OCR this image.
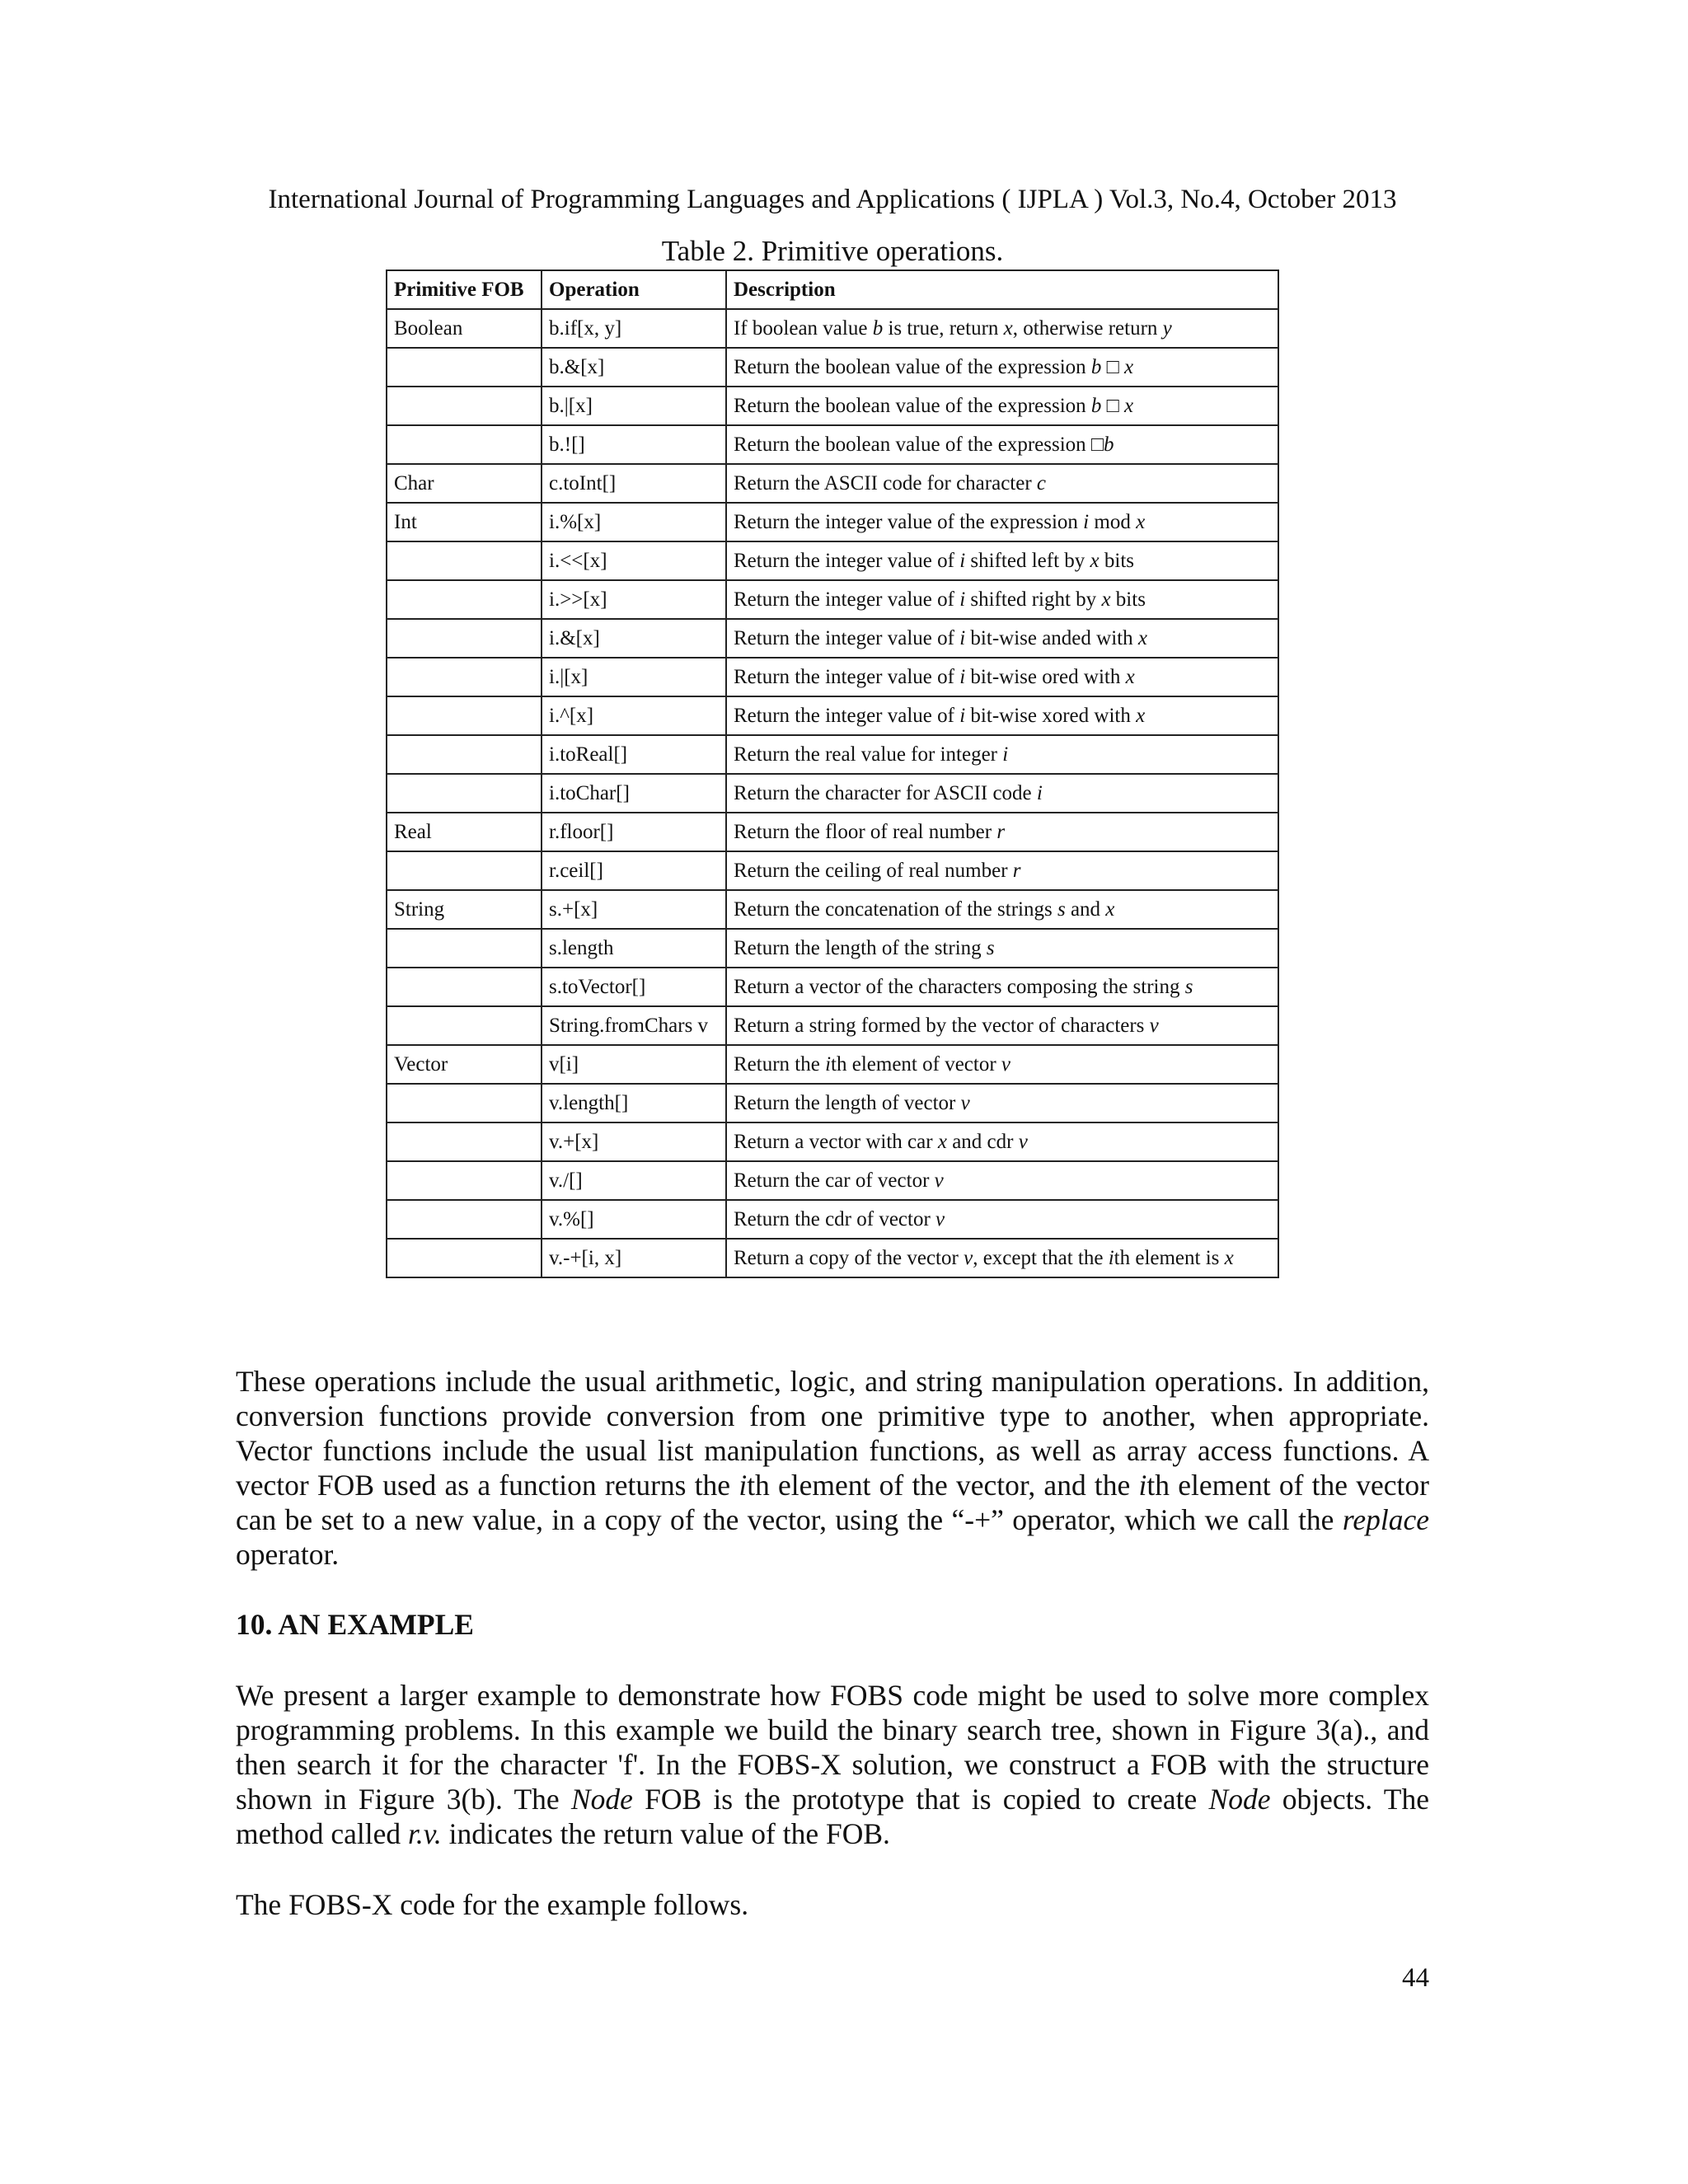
International Journal of Programming Languages and Applications ( IJPLA ) Vol.3, No.4, October 2013
Table 2. Primitive operations.
Primitive FOB	Operation	Description
Boolean	b.if[x, y]	If boolean value b is true, return x, otherwise return y
	b.&[x]	Return the boolean value of the expression b □ x
	b.|[x]	Return the boolean value of the expression b □ x
	b.![]	Return the boolean value of the expression □b
Char	c.toInt[]	Return the ASCII code for character c
Int	i.%[x]	Return the integer value of the expression i mod x
	i.<<[x]	Return the integer value of i shifted left by x bits
	i.>>[x]	Return the integer value of i shifted right by x bits
	i.&[x]	Return the integer value of i bit-wise anded with x
	i.|[x]	Return the integer value of i bit-wise ored with x
	i.^[x]	Return the integer value of i bit-wise xored with x
	i.toReal[]	Return the real value for integer i
	i.toChar[]	Return the character for ASCII code i
Real	r.floor[]	Return the floor of real number r
	r.ceil[]	Return the ceiling of real number r
String	s.+[x]	Return the concatenation of the strings s and x
	s.length	Return the length of the string s
	s.toVector[]	Return a vector of the characters composing the string s
	String.fromChars v	Return a string formed by the vector of characters v
Vector	v[i]	Return the ith element of vector v
	v.length[]	Return the length of vector v
	v.+[x]	Return a vector with car x and cdr v
	v./[]	Return the car of vector v
	v.%[]	Return the cdr of vector v
	v.-+[i, x]	Return a copy of the vector v, except that the ith element is x
These operations include the usual arithmetic, logic, and string manipulation operations. In addition, conversion functions provide conversion from one primitive type to another, when appropriate. Vector functions include the usual list manipulation functions, as well as array access functions. A vector FOB used as a function returns the ith element of the vector, and the ith element of the vector can be set to a new value, in a copy of the vector, using the “-+” operator, which we call the replace operator.
10. AN EXAMPLE
We present a larger example to demonstrate how FOBS code might be used to solve more complex programming problems. In this example we build the binary search tree, shown in Figure 3(a)., and then search it for the character 'f'. In the FOBS-X solution, we construct a FOB with the structure shown in Figure 3(b). The Node FOB is the prototype that is copied to create Node objects. The method called r.v. indicates the return value of the FOB.
The FOBS-X code for the example follows.
44
